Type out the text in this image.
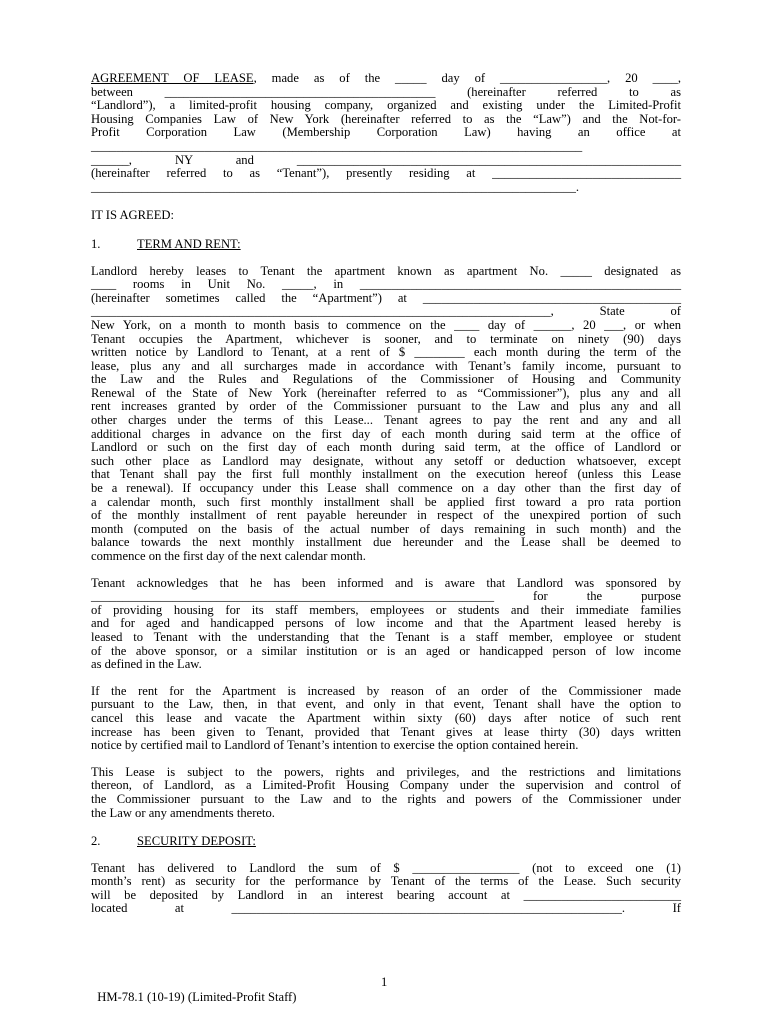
AGREEMENT OF LEASE, made as of the _____ day of _________________, 20 ____,

between ___________________________________________ (hereinafter referred to as

“Landlord”), a limited-profit housing company, organized and existing under the Limited-Profit

Housing Companies Law of New York (hereinafter referred to as the “Law”) and the Not-for-

Profit Corporation Law (Membership Corporation Law) having an office at

______________________________________________________________________________

______, NY and _____________________________________________________________

(hereinafter referred to as “Tenant”), presently residing at ______________________________

_____________________________________________________________________________.

IT IS AGREED:

1.	TERM AND RENT:

Landlord hereby leases to Tenant the apartment known as apartment No. _____ designated as

____ rooms in Unit No. _____, in ___________________________________________________

(hereinafter sometimes called the “Apartment”) at _________________________________________

_________________________________________________________________________, State of

New York, on a month to month basis to commence on the ____ day of ______, 20 ___, or when

Tenant occupies the Apartment, whichever is sooner, and to terminate on ninety (90) days

written notice by Landlord to Tenant, at a rent of $ ________ each month during the term of the

lease, plus any and all surcharges made in accordance with Tenant’s family income, pursuant to

the Law and the Rules and Regulations of the Commissioner of Housing and Community

Renewal of the State of New York (hereinafter referred to as “Commissioner”), plus any and all

rent increases granted by order of the Commissioner pursuant to the Law and plus any and all

other charges under the terms of this Lease... Tenant agrees to pay the rent and any and all

additional charges in advance on the first day of each month during said term at the office of

Landlord or such on the first day of each month during said term, at the office of Landlord or

such other place as Landlord may designate, without any setoff or deduction whatsoever, except

that Tenant shall pay the first full monthly installment on the execution hereof (unless this Lease

be a renewal). If occupancy under this Lease shall commence on a day other than the first day of

a calendar month, such first monthly installment shall be applied first toward a pro rata portion

of the monthly installment of rent payable hereunder in respect of the unexpired portion of such

month (computed on the basis of the actual number of days remaining in such month) and the

balance towards the next monthly installment due hereunder and the Lease shall be deemed to

commence on the first day of the next calendar month.

Tenant acknowledges that he has been informed and is aware that Landlord was sponsored by

________________________________________________________________ for the purpose

of providing housing for its staff members, employees or students and their immediate families

and for aged and handicapped persons of low income and that the Apartment leased hereby is

leased to Tenant with the understanding that the Tenant is a staff member, employee or student

of the above sponsor, or a similar institution or is an aged or handicapped person of low income

as defined in the Law.

If the rent for the Apartment is increased by reason of an order of the Commissioner made

pursuant to the Law, then, in that event, and only in that event, Tenant shall have the option to

cancel this lease and vacate the Apartment within sixty (60) days after notice of such rent

increase has been given to Tenant, provided that Tenant gives at lease thirty (30) days written

notice by certified mail to Landlord of Tenant’s intention to exercise the option contained herein.

This Lease is subject to the powers, rights and privileges, and the restrictions and limitations

thereon, of Landlord, as a Limited-Profit Housing Company under the supervision and control of

the Commissioner pursuant to the Law and to the rights and powers of the Commissioner under

the Law or any amendments thereto.

2.	SECURITY DEPOSIT:

Tenant has delivered to Landlord the sum of $ _________________ (not to exceed one (1)

month’s rent) as security for the performance by Tenant of the terms of the Lease. Such security

will be deposited by Landlord in an interest bearing account at _________________________

located at ______________________________________________________________. If

HM-78.1 (10-19) (Limited-Profit Staff)

1
